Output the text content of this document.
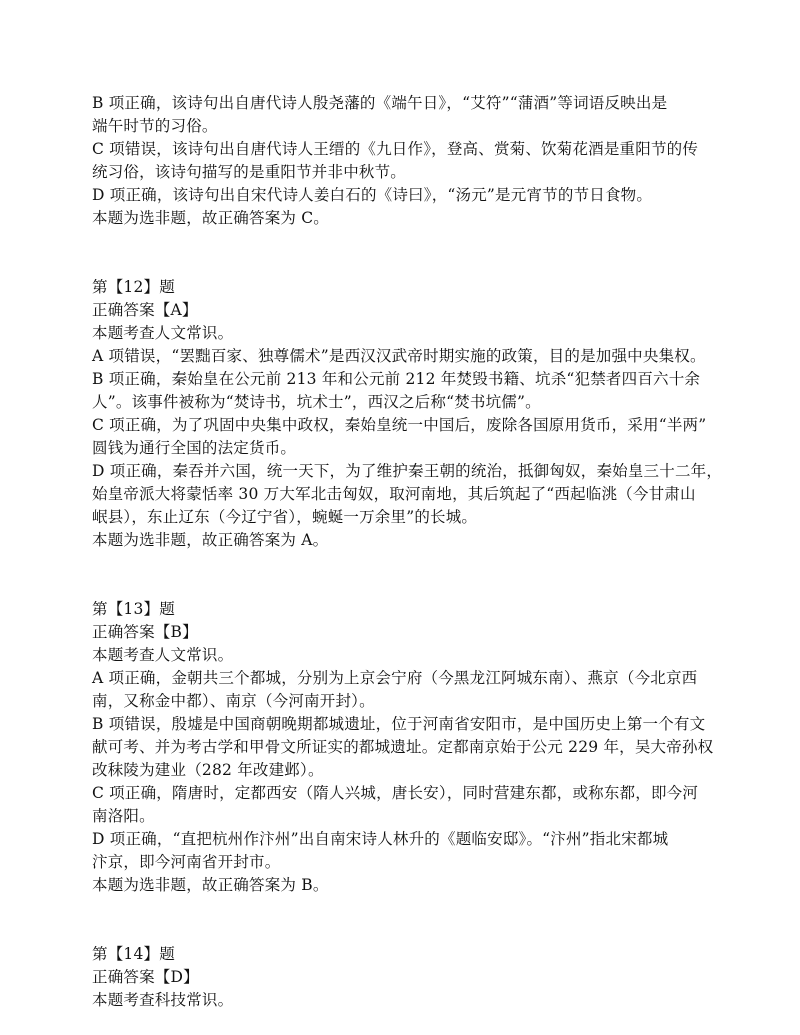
B 项正确，该诗句出自唐代诗人殷尧藩的《端午日》，“艾符”“蒲酒”等词语反映出是
端午时节的习俗。
C 项错误，该诗句出自唐代诗人王缙的《九日作》，登高、赏菊、饮菊花酒是重阳节的传
统习俗，该诗句描写的是重阳节并非中秋节。
D 项正确，该诗句出自宋代诗人姜白石的《诗曰》，“汤元”是元宵节的节日食物。
本题为选非题，故正确答案为 C。
第【12】题
正确答案【A】
本题考查人文常识。
A 项错误，“罢黜百家、独尊儒术”是西汉汉武帝时期实施的政策，目的是加强中央集权。
B 项正确，秦始皇在公元前 213 年和公元前 212 年焚毁书籍、坑杀“犯禁者四百六十余
人”。该事件被称为“焚诗书，坑术士”，西汉之后称“焚书坑儒”。
C 项正确，为了巩固中央集中政权，秦始皇统一中国后，废除各国原用货币，采用“半两”
圆钱为通行全国的法定货币。
D 项正确，秦吞并六国，统一天下，为了维护秦王朝的统治，抵御匈奴，秦始皇三十二年，
始皇帝派大将蒙恬率 30 万大军北击匈奴，取河南地，其后筑起了“西起临洮（今甘肃山
岷县），东止辽东（今辽宁省），蜿蜒一万余里”的长城。
本题为选非题，故正确答案为 A。
第【13】题
正确答案【B】
本题考查人文常识。
A 项正确，金朝共三个都城，分别为上京会宁府（今黑龙江阿城东南）、燕京（今北京西
南，又称金中都）、南京（今河南开封）。
B 项错误，殷墟是中国商朝晚期都城遗址，位于河南省安阳市，是中国历史上第一个有文
献可考、并为考古学和甲骨文所证实的都城遗址。定都南京始于公元 229 年，吴大帝孙权
改秣陵为建业（282 年改建邺）。
C 项正确，隋唐时，定都西安（隋人兴城，唐长安），同时营建东都，或称东都，即今河
南洛阳。
D 项正确，“直把杭州作汴州”出自南宋诗人林升的《题临安邸》。“汴州”指北宋都城
汴京，即今河南省开封市。
本题为选非题，故正确答案为 B。
第【14】题
正确答案【D】
本题考查科技常识。
